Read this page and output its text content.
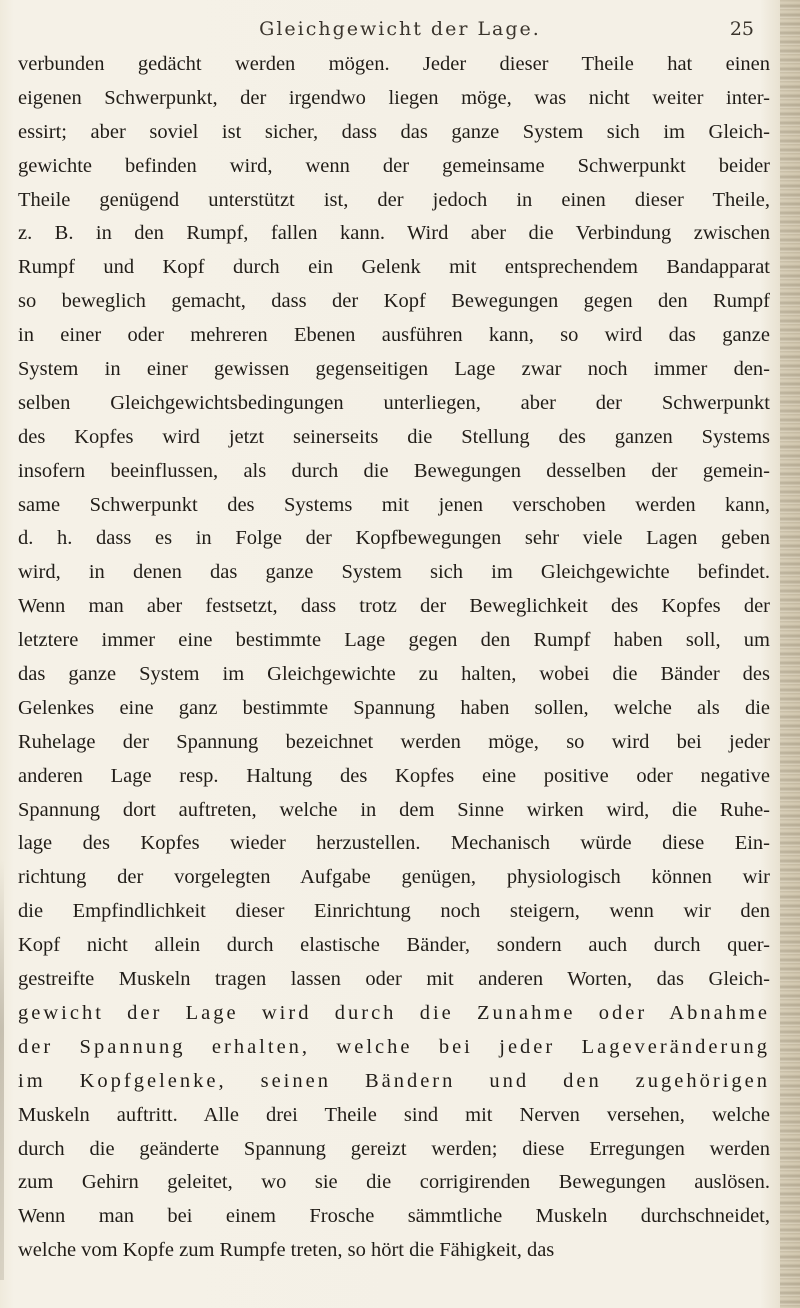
Gleichgewicht der Lage.	25
verbunden gedächt werden mögen. Jeder dieser Theile hat einen
eigenen Schwerpunkt, der irgendwo liegen möge, was nicht weiter inter-
essirt; aber soviel ist sicher, dass das ganze System sich im Gleich-
gewichte befinden wird, wenn der gemeinsame Schwerpunkt beider
Theile genügend unterstützt ist, der jedoch in einen dieser Theile,
z. B. in den Rumpf, fallen kann. Wird aber die Verbindung zwischen
Rumpf und Kopf durch ein Gelenk mit entsprechendem Bandapparat
so beweglich gemacht, dass der Kopf Bewegungen gegen den Rumpf
in einer oder mehreren Ebenen ausführen kann, so wird das ganze
System in einer gewissen gegenseitigen Lage zwar noch immer den-
selben Gleichgewichtsbedingungen unterliegen, aber der Schwerpunkt
des Kopfes wird jetzt seinerseits die Stellung des ganzen Systems
insofern beeinflussen, als durch die Bewegungen desselben der gemein-
same Schwerpunkt des Systems mit jenen verschoben werden kann,
d. h. dass es in Folge der Kopfbewegungen sehr viele Lagen geben
wird, in denen das ganze System sich im Gleichgewichte befindet.
Wenn man aber festsetzt, dass trotz der Beweglichkeit des Kopfes der
letztere immer eine bestimmte Lage gegen den Rumpf haben soll, um
das ganze System im Gleichgewichte zu halten, wobei die Bänder des
Gelenkes eine ganz bestimmte Spannung haben sollen, welche als die
Ruhelage der Spannung bezeichnet werden möge, so wird bei jeder
anderen Lage resp. Haltung des Kopfes eine positive oder negative
Spannung dort auftreten, welche in dem Sinne wirken wird, die Ruhe-
lage des Kopfes wieder herzustellen. Mechanisch würde diese Ein-
richtung der vorgelegten Aufgabe genügen, physiologisch können wir
die Empfindlichkeit dieser Einrichtung noch steigern, wenn wir den
Kopf nicht allein durch elastische Bänder, sondern auch durch quer-
gestreifte Muskeln tragen lassen oder mit anderen Worten, das Gleich-
gewicht der Lage wird durch die Zunahme oder Abnahme
der Spannung erhalten, welche bei jeder Lageveränderung
im Kopfgelenke, seinen Bändern und den zugehörigen
Muskeln auftritt. Alle drei Theile sind mit Nerven versehen, welche
durch die geänderte Spannung gereizt werden; diese Erregungen werden
zum Gehirn geleitet, wo sie die corrigirenden Bewegungen auslösen.
Wenn man bei einem Frosche sämmtliche Muskeln durchschneidet,
welche vom Kopfe zum Rumpfe treten, so hört die Fähigkeit, das
